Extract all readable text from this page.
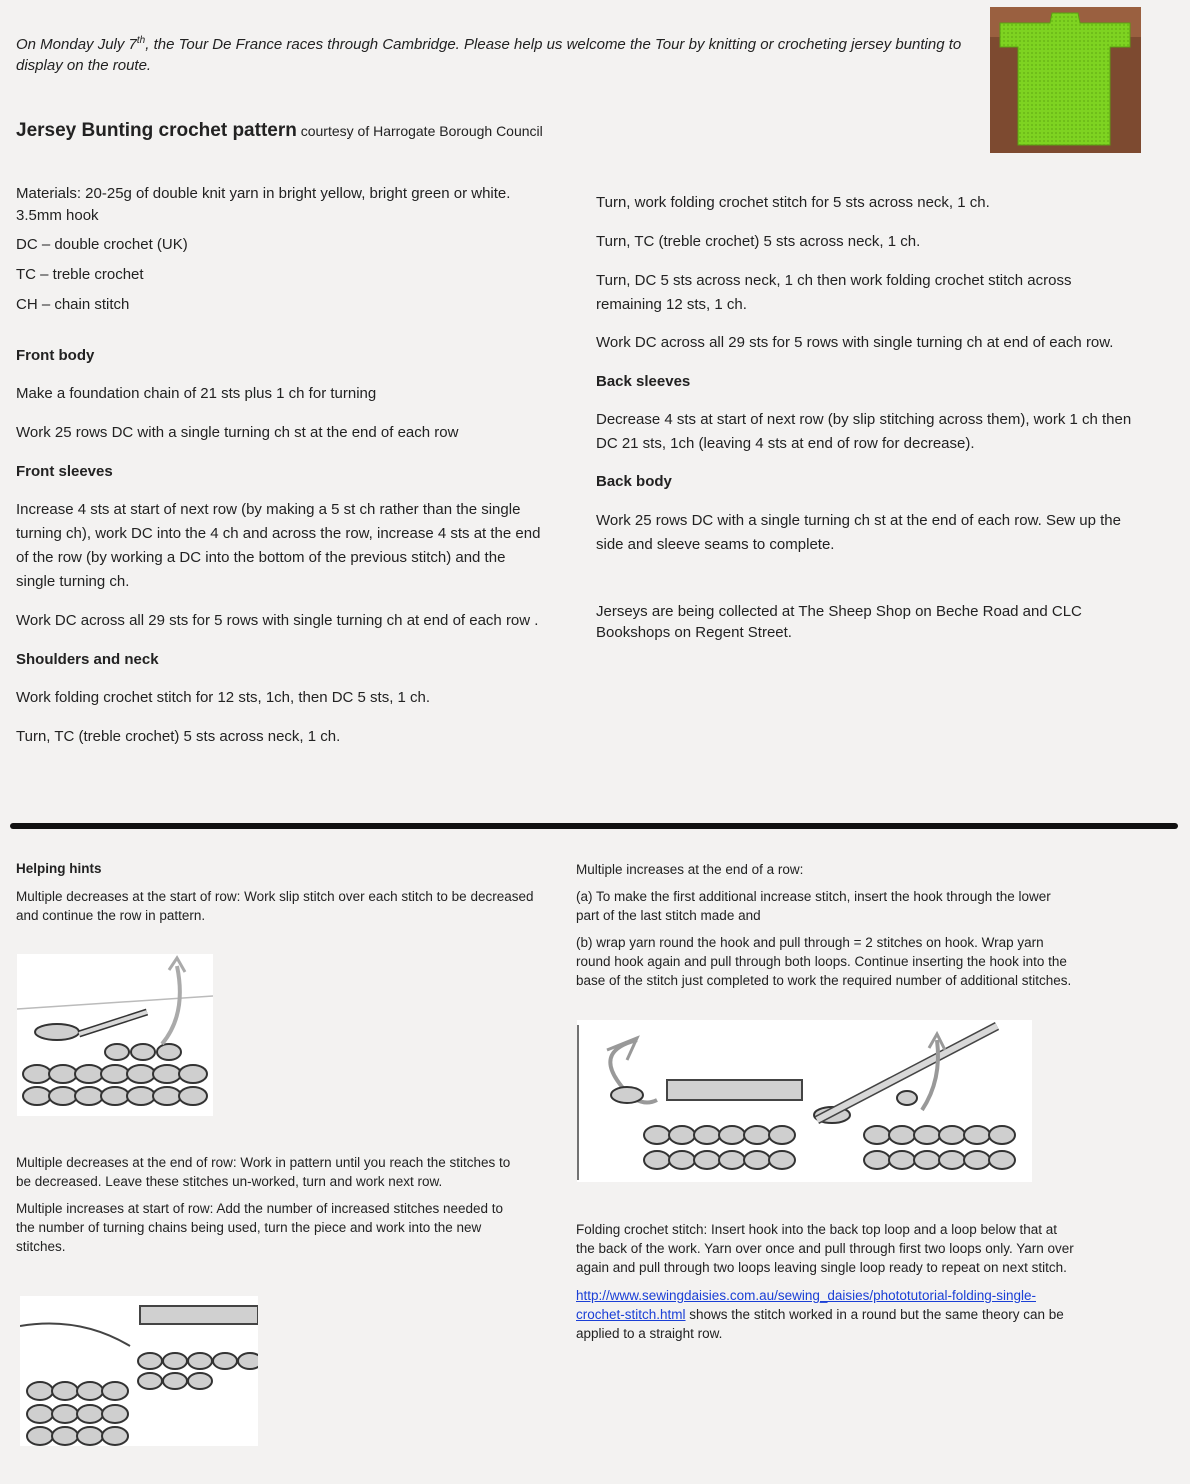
On Monday July 7th, the Tour De France races through Cambridge. Please help us welcome the Tour by knitting or crocheting jersey bunting to display on the route.
Jersey Bunting crochet pattern courtesy of Harrogate Borough Council

Materials: 20-25g of double knit yarn in bright yellow, bright green or white. 3.5mm hook

DC – double crochet (UK)

TC – treble crochet

CH – chain stitch

Front body

Make a foundation chain of 21 sts plus 1 ch for turning

Work 25 rows DC with a single turning ch st at the end of each row

Front sleeves

Increase 4 sts at start of next row (by making a 5 st ch rather than the single turning ch), work DC into the 4 ch and across the row, increase 4 sts at the end of the row (by working a DC into the bottom of the previous stitch) and the single turning ch.

Work DC across all 29 sts for 5 rows with single turning ch at end of each row .

Shoulders and neck

Work folding crochet stitch for 12 sts, 1ch, then DC 5 sts, 1 ch.

Turn, TC (treble crochet) 5 sts across neck, 1 ch.

Turn, work folding crochet stitch for 5 sts across neck, 1 ch.

Turn, TC (treble crochet) 5 sts across neck, 1 ch.

Turn, DC 5 sts across neck, 1 ch then work folding crochet stitch across remaining 12 sts, 1 ch.

Work DC across all 29 sts for 5 rows with single turning ch at end of each row.

Back sleeves

Decrease 4 sts at start of next row (by slip stitching across them), work 1 ch then DC 21 sts, 1ch (leaving 4 sts at end of row for decrease).

Back body

Work 25 rows DC with a single turning ch st at the end of each row. Sew up the side and sleeve seams to complete.

Jerseys are being collected at The Sheep Shop on Beche Road and CLC Bookshops on Regent Street.

Helping hints

Multiple decreases at the start of row: Work slip stitch over each stitch to be decreased and continue the row in pattern.

Multiple decreases at the end of row: Work in pattern until you reach the stitches to be decreased. Leave these stitches un-worked, turn and work next row.

Multiple increases at start of row: Add the number of increased stitches needed to the number of turning chains being used, turn the piece and work into the new stitches.

Multiple increases at the end of a row:

(a) To make the first additional increase stitch, insert the hook through the lower part of the last stitch made and

(b) wrap yarn round the hook and pull through = 2 stitches on hook. Wrap yarn round hook again and pull through both loops. Continue inserting the hook into the base of the stitch just completed to work the required number of additional stitches.

Folding crochet stitch: Insert hook into the back top loop and a loop below that at the back of the work. Yarn over once and pull through first two loops only. Yarn over again and pull through two loops leaving single loop ready to repeat on next stitch.

http://www.sewingdaisies.com.au/sewing_daisies/phototutorial-folding-single-crochet-stitch.html shows the stitch worked in a round but the same theory can be applied to a straight row.
